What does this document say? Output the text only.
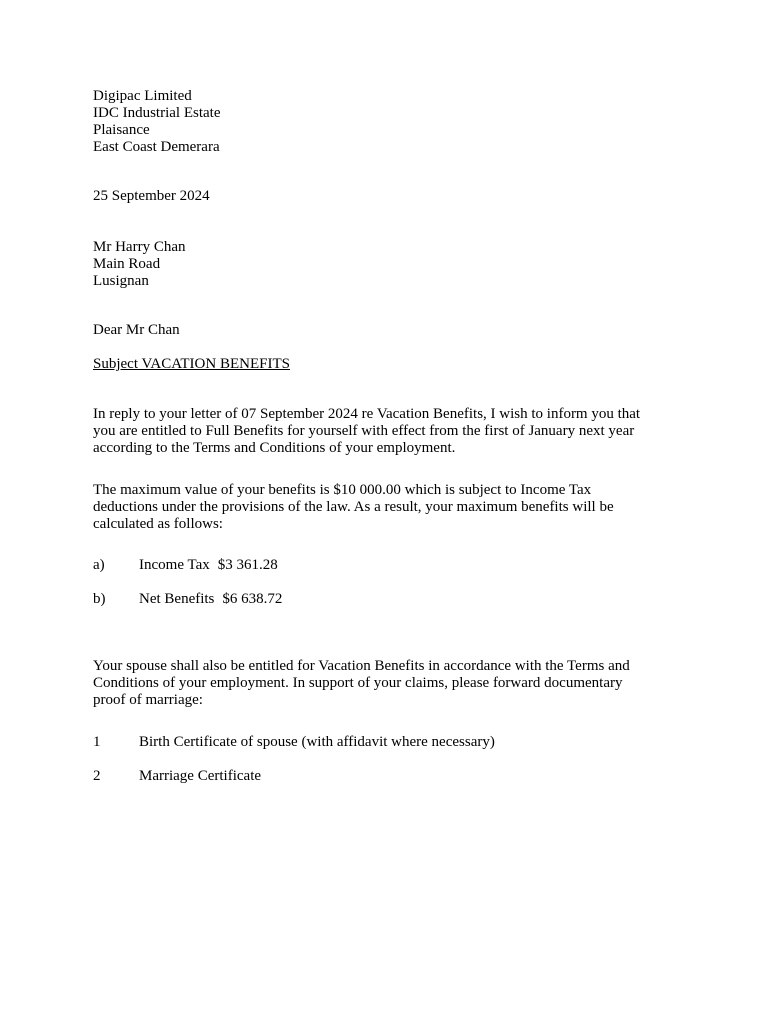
Digipac Limited
IDC Industrial Estate
Plaisance
East Coast Demerara
25 September 2024
Mr Harry Chan
Main Road
Lusignan
Dear Mr Chan
Subject VACATION BENEFITS
In reply to your letter of 07 September 2024 re Vacation Benefits, I wish to inform you that
you are entitled to Full Benefits for yourself with effect from the first of January next year
according to the Terms and Conditions of your employment.
The maximum value of your benefits is $10 000.00 which is subject to Income Tax
deductions under the provisions of the law. As a result, your maximum benefits will be
calculated as follows:
a) Income Tax $3 361.28
b) Net Benefits $6 638.72
Your spouse shall also be entitled for Vacation Benefits in accordance with the Terms and
Conditions of your employment. In support of your claims, please forward documentary
proof of marriage:
1	Birth Certificate of spouse (with affidavit where necessary)
2	Marriage Certificate
